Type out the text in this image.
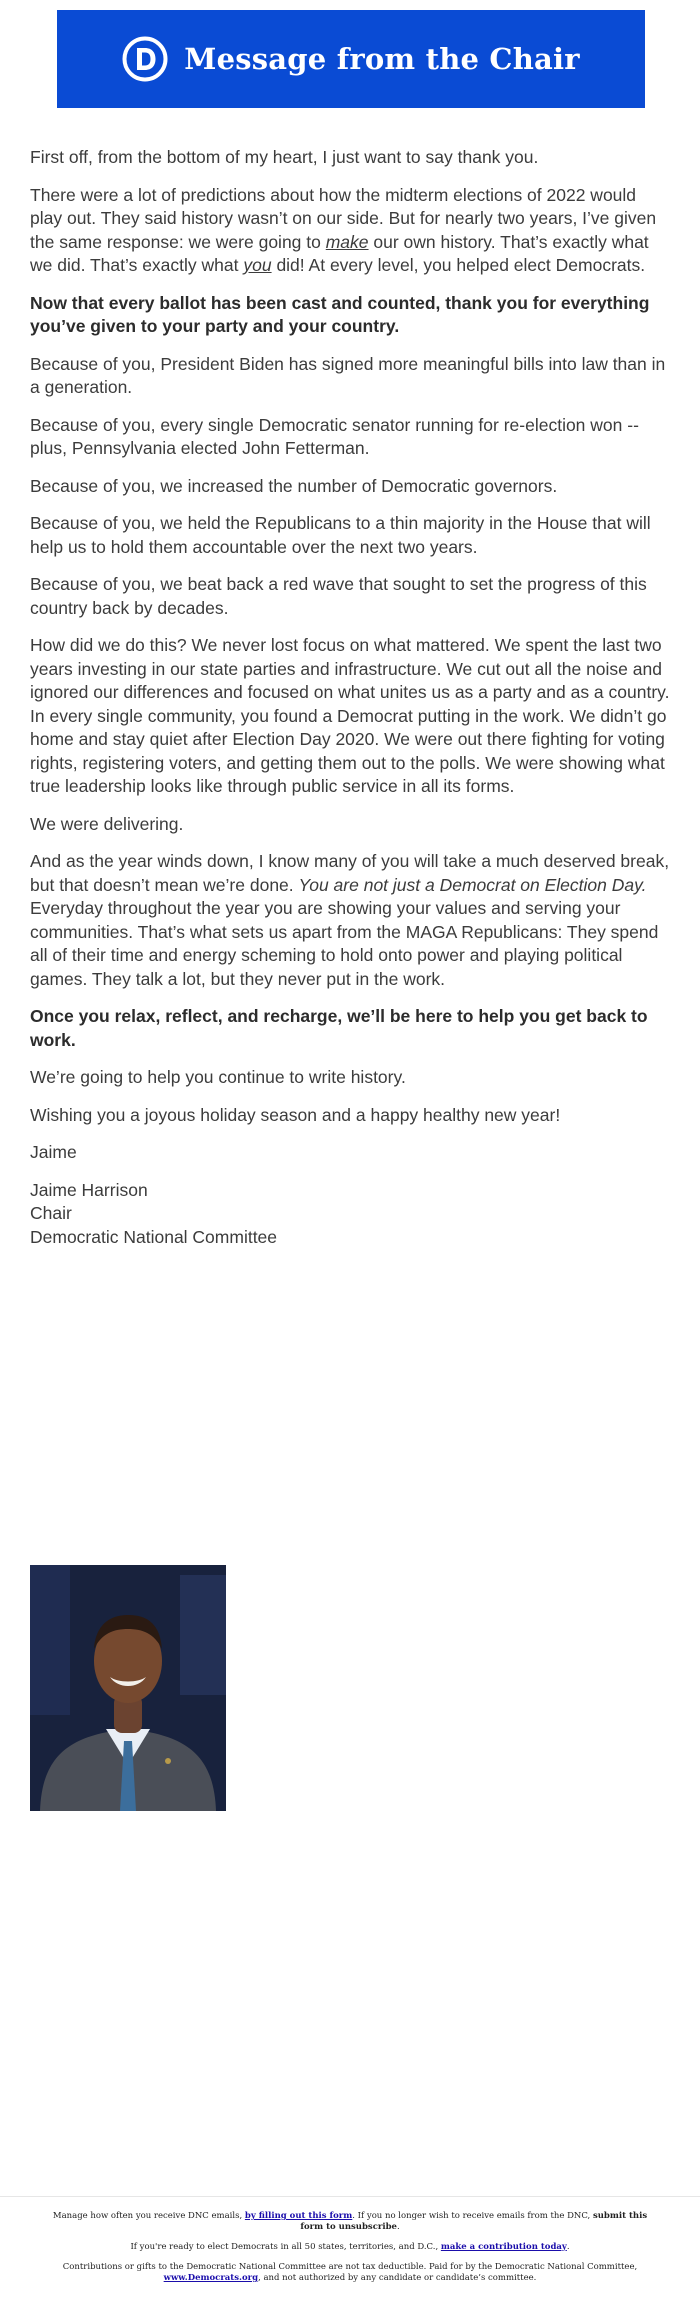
Message from the Chair

First off, from the bottom of my heart, I just want to say thank you.

There were a lot of predictions about how the midterm elections of 2022 would play out. They said history wasn’t on our side. But for nearly two years, I’ve given the same response: we were going to make our own history. That’s exactly what we did. That’s exactly what you did! At every level, you helped elect Democrats.

Now that every ballot has been cast and counted, thank you for everything you’ve given to your party and your country.

Because of you, President Biden has signed more meaningful bills into law than in a generation.

Because of you, every single Democratic senator running for re-election won -- plus, Pennsylvania elected John Fetterman.

Because of you, we increased the number of Democratic governors.

Because of you, we held the Republicans to a thin majority in the House that will help us to hold them accountable over the next two years.

Because of you, we beat back a red wave that sought to set the progress of this country back by decades.

How did we do this? We never lost focus on what mattered. We spent the last two years investing in our state parties and infrastructure. We cut out all the noise and ignored our differences and focused on what unites us as a party and as a country. In every single community, you found a Democrat putting in the work. We didn’t go home and stay quiet after Election Day 2020. We were out there fighting for voting rights, registering voters, and getting them out to the polls. We were showing what true leadership looks like through public service in all its forms.

We were delivering.

And as the year winds down, I know many of you will take a much deserved break, but that doesn’t mean we’re done. You are not just a Democrat on Election Day. Everyday throughout the year you are showing your values and serving your communities. That’s what sets us apart from the MAGA Republicans: They spend all of their time and energy scheming to hold onto power and playing political games. They talk a lot, but they never put in the work.

Once you relax, reflect, and recharge, we’ll be here to help you get back to work.

We’re going to help you continue to write history.

Wishing you a joyous holiday season and a happy healthy new year!

Jaime

Jaime Harrison

Chair

Democratic National Committee

Manage how often you receive DNC emails, by filling out this form. If you no longer wish to receive emails from the DNC, submit this form to unsubscribe.

If you're ready to elect Democrats in all 50 states, territories, and D.C., make a contribution today.

Contributions or gifts to the Democratic National Committee are not tax deductible. Paid for by the Democratic National Committee, www.Democrats.org, and not authorized by any candidate or candidate’s committee.
